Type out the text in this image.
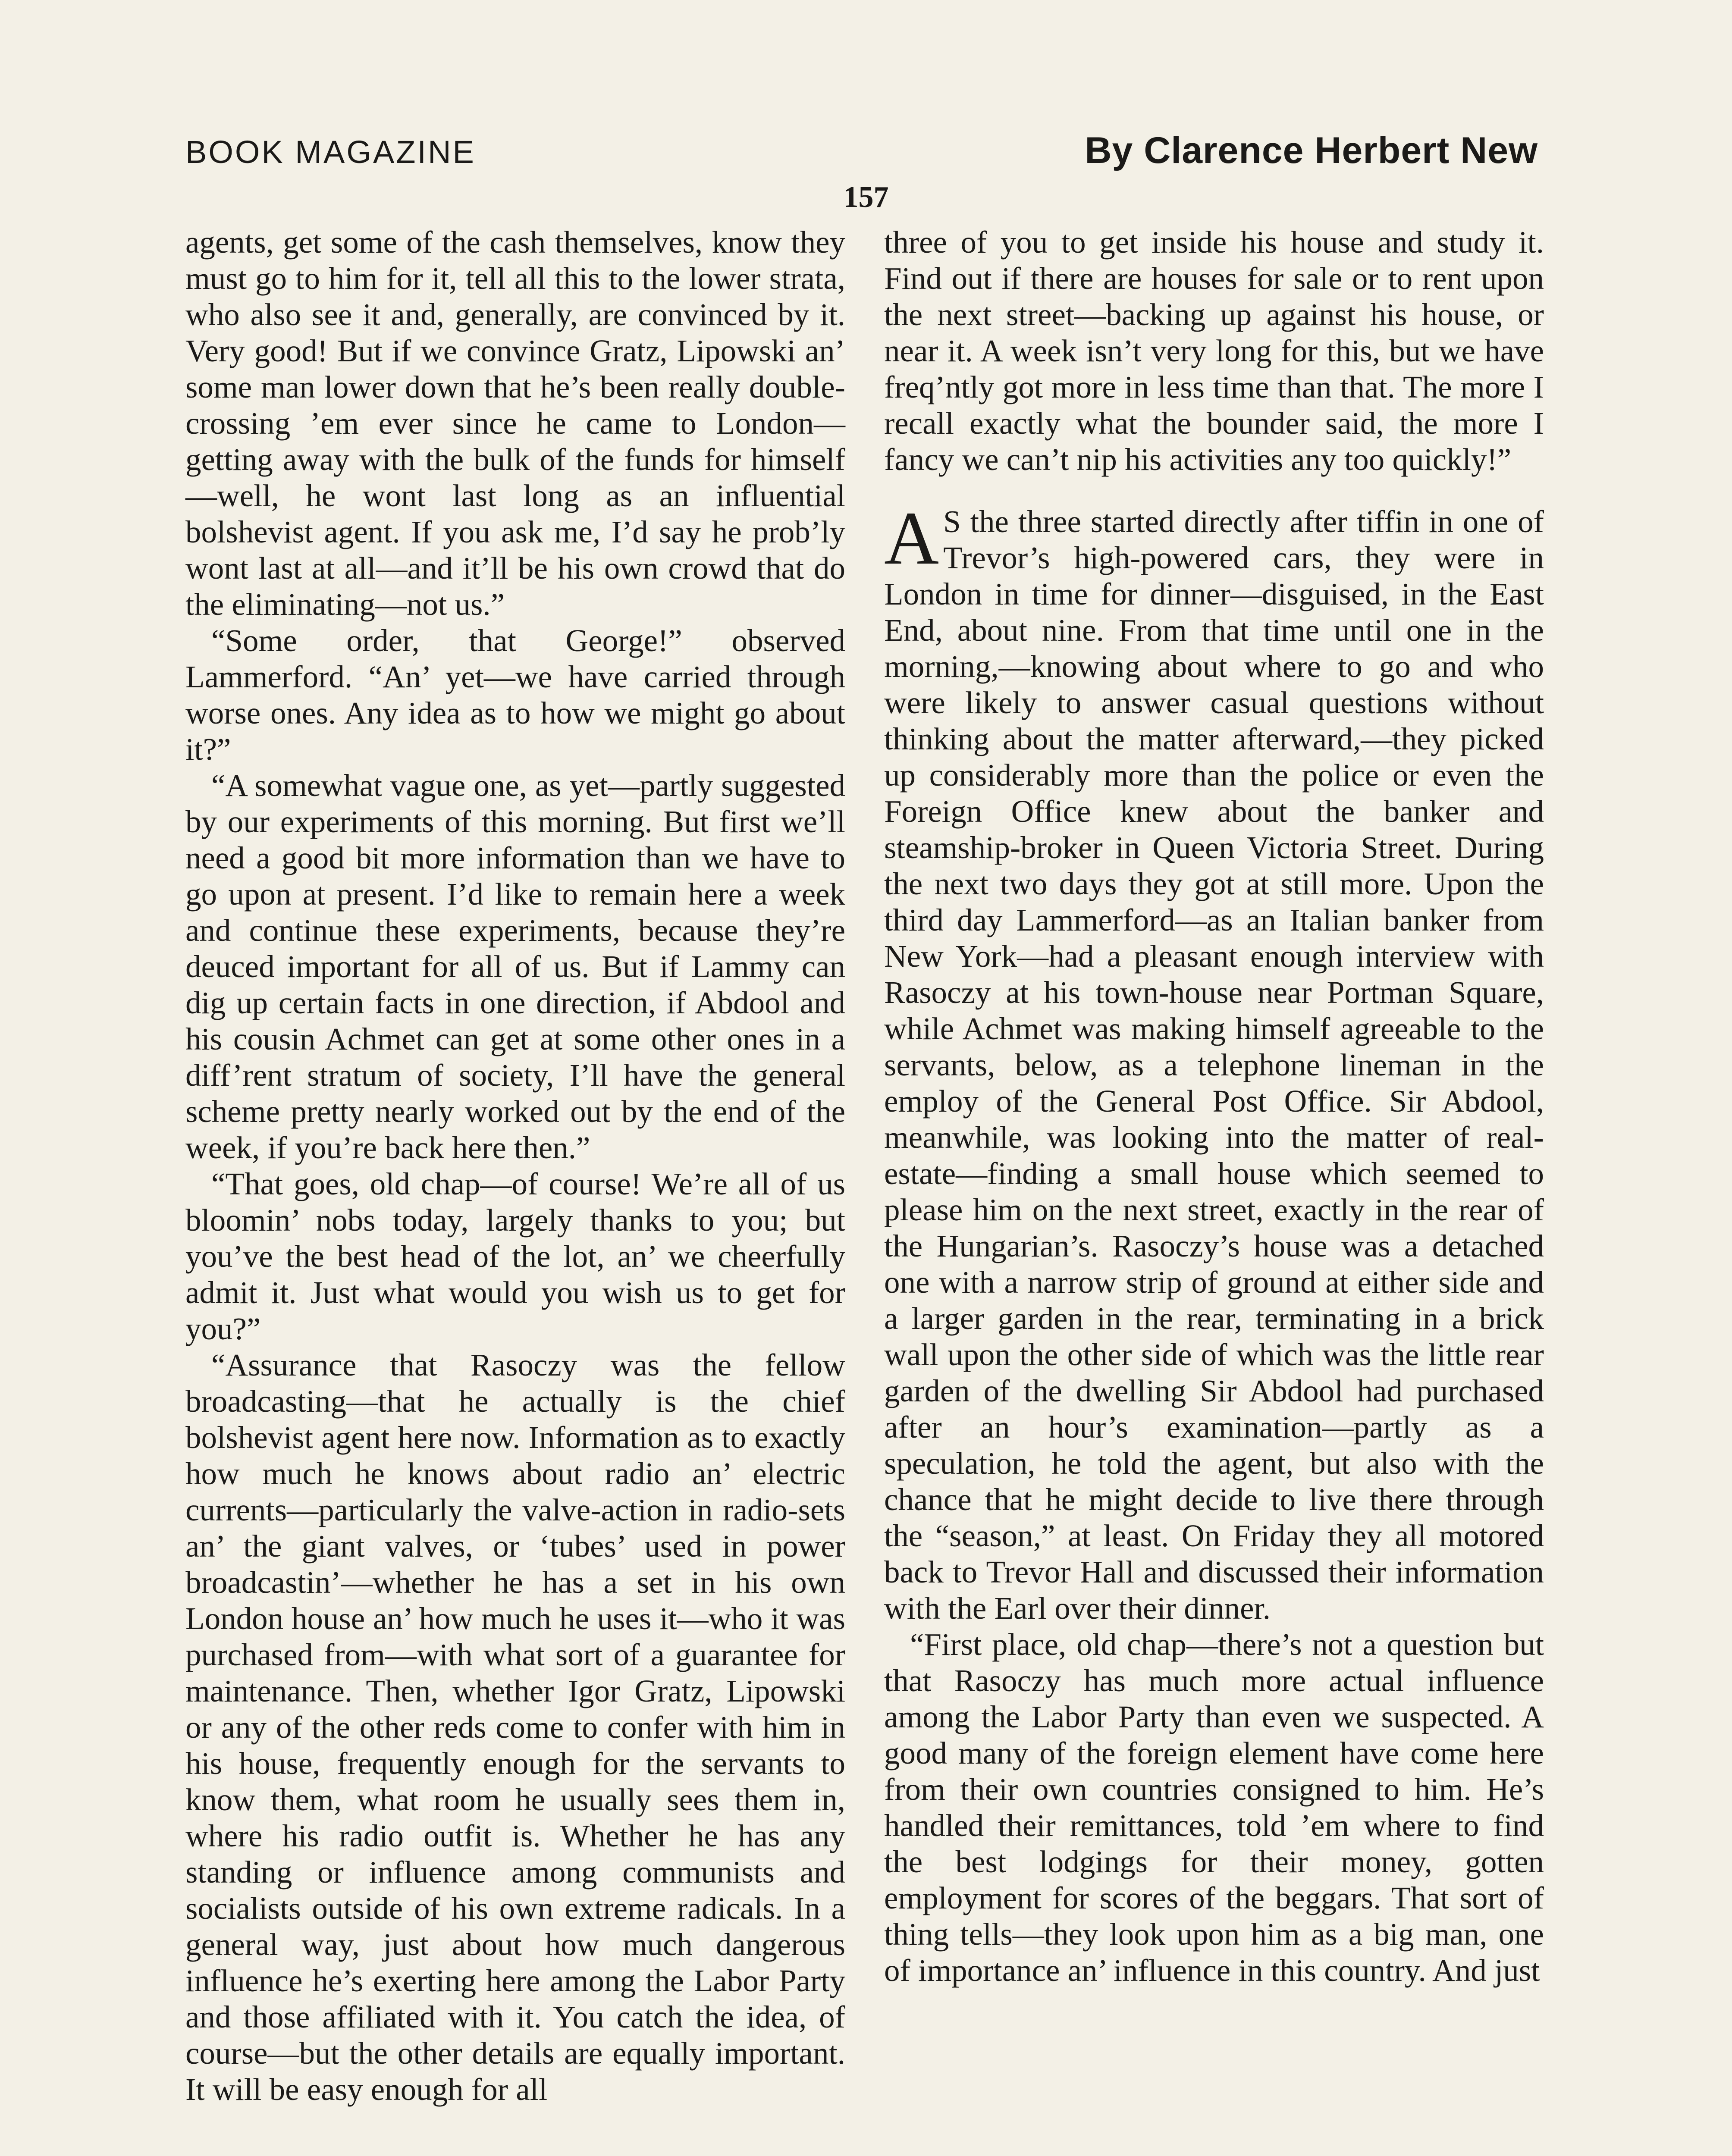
BOOK MAGAZINE	By Clarence Herbert New
157

agents, get some of the cash themselves, know they must go to him for it, tell all this to the lower strata, who also see it and, generally, are convinced by it. Very good! But if we convince Gratz, Lipowski an’ some man lower down that he’s been really double-crossing ’em ever since he came to London—getting away with the bulk of the funds for himself—well, he wont last long as an influential bolshevist agent. If you ask me, I’d say he prob’ly wont last at all—and it’ll be his own crowd that do the eliminating—not us.”

“Some order, that George!” observed Lammerford. “An’ yet—we have carried through worse ones. Any idea as to how we might go about it?”

“A somewhat vague one, as yet—partly suggested by our experiments of this morning. But first we’ll need a good bit more information than we have to go upon at present. I’d like to remain here a week and continue these experiments, because they’re deuced important for all of us. But if Lammy can dig up certain facts in one direction, if Abdool and his cousin Achmet can get at some other ones in a diff’rent stratum of society, I’ll have the general scheme pretty nearly worked out by the end of the week, if you’re back here then.”

“That goes, old chap—of course! We’re all of us bloomin’ nobs today, largely thanks to you; but you’ve the best head of the lot, an’ we cheerfully admit it. Just what would you wish us to get for you?”

“Assurance that Rasoczy was the fellow broadcasting—that he actually is the chief bolshevist agent here now. Information as to exactly how much he knows about radio an’ electric currents—particularly the valve-action in radio-sets an’ the giant valves, or ‘tubes’ used in power broadcastin’—whether he has a set in his own London house an’ how much he uses it—who it was purchased from—with what sort of a guarantee for maintenance. Then, whether Igor Gratz, Lipowski or any of the other reds come to confer with him in his house, frequently enough for the servants to know them, what room he usually sees them in, where his radio outfit is. Whether he has any standing or influence among communists and socialists outside of his own extreme radicals. In a general way, just about how much dangerous influence he’s exerting here among the Labor Party and those affiliated with it. You catch the idea, of course—but the other details are equally important. It will be easy enough for all

three of you to get inside his house and study it. Find out if there are houses for sale or to rent upon the next street—backing up against his house, or near it. A week isn’t very long for this, but we have freq’ntly got more in less time than that. The more I recall exactly what the bounder said, the more I fancy we can’t nip his activities any too quickly!”

A S the three started directly after tiffin in one of Trevor’s high-powered cars, they were in London in time for dinner—disguised, in the East End, about nine. From that time until one in the morning,—knowing about where to go and who were likely to answer casual questions without thinking about the matter afterward,—they picked up considerably more than the police or even the Foreign Office knew about the banker and steamship-broker in Queen Victoria Street. During the next two days they got at still more. Upon the third day Lammerford—as an Italian banker from New York—had a pleasant enough interview with Rasoczy at his town-house near Portman Square, while Achmet was making himself agreeable to the servants, below, as a telephone lineman in the employ of the General Post Office. Sir Abdool, meanwhile, was looking into the matter of real-estate—finding a small house which seemed to please him on the next street, exactly in the rear of the Hungarian’s. Rasoczy’s house was a detached one with a narrow strip of ground at either side and a larger garden in the rear, terminating in a brick wall upon the other side of which was the little rear garden of the dwelling Sir Abdool had purchased after an hour’s examination—partly as a speculation, he told the agent, but also with the chance that he might decide to live there through the “season,” at least. On Friday they all motored back to Trevor Hall and discussed their information with the Earl over their dinner.

“First place, old chap—there’s not a question but that Rasoczy has much more actual influence among the Labor Party than even we suspected. A good many of the foreign element have come here from their own countries consigned to him. He’s handled their remittances, told ’em where to find the best lodgings for their money, gotten employment for scores of the beggars. That sort of thing tells—they look upon him as a big man, one of importance an’ influence in this country. And just
